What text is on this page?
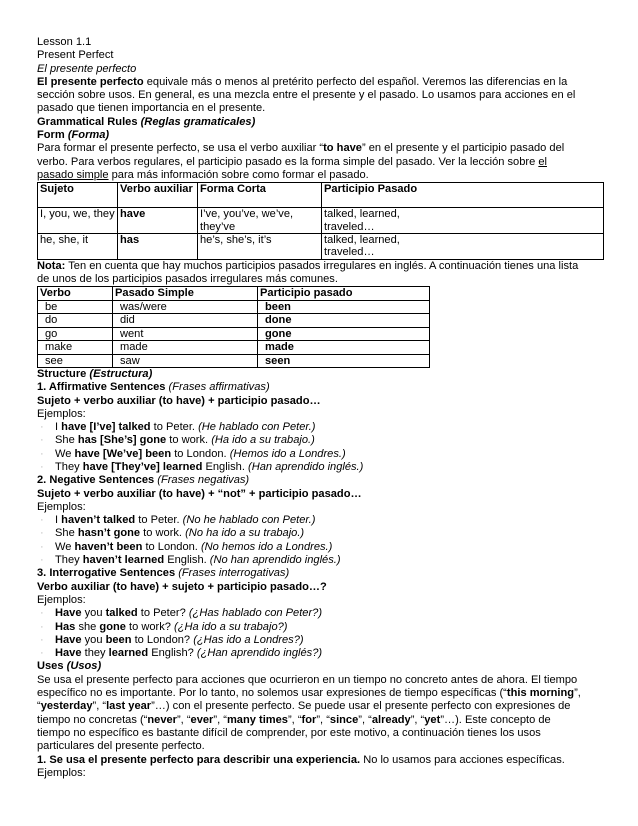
Lesson 1.1
Present Perfect
El presente perfecto
El presente perfecto equivale más o menos al pretérito perfecto del español. Veremos las diferencias en la
sección sobre usos. En general, es una mezcla entre el presente y el pasado. Lo usamos para acciones en el
pasado que tienen importancia en el presente.
Grammatical Rules (Reglas gramaticales)
Form (Forma)
Para formar el presente perfecto, se usa el verbo auxiliar “to have” en el presente y el participio pasado del
verbo. Para verbos regulares, el participio pasado es la forma simple del pasado. Ver la lección sobre el
pasado simple para más información sobre como formar el pasado.
Sujeto	Verbo auxiliar	Forma Corta	Participio Pasado
I, you, we, they	have	I’ve, you’ve, we’ve, they’ve	talked, learned, traveled…
he, she, it	has	he’s, she’s, it’s	talked, learned, traveled…
Nota: Ten en cuenta que hay muchos participios pasados irregulares en inglés. A continuación tienes una lista
de unos de los participios pasados irregulares más comunes.
Verbo	Pasado Simple	Participio pasado
be	was/were	been
do	did	done
go	went	gone
make	made	made
see	saw	seen
Structure (Estructura)
1. Affirmative Sentences (Frases affirmativas)
Sujeto + verbo auxiliar (to have) + participio pasado…
Ejemplos:
· I have [I’ve] talked to Peter. (He hablado con Peter.)
· She has [She’s] gone to work. (Ha ido a su trabajo.)
· We have [We’ve] been to London. (Hemos ido a Londres.)
· They have [They’ve] learned English. (Han aprendido inglés.)
2. Negative Sentences (Frases negativas)
Sujeto + verbo auxiliar (to have) + “not” + participio pasado…
Ejemplos:
· I haven’t talked to Peter. (No he hablado con Peter.)
· She hasn’t gone to work. (No ha ido a su trabajo.)
· We haven’t been to London. (No hemos ido a Londres.)
· They haven’t learned English. (No han aprendido inglés.)
3. Interrogative Sentences (Frases interrogativas)
Verbo auxiliar (to have) + sujeto + participio pasado…?
Ejemplos:
· Have you talked to Peter? (¿Has hablado con Peter?)
· Has she gone to work? (¿Ha ido a su trabajo?)
· Have you been to London? (¿Has ido a Londres?)
· Have they learned English? (¿Han aprendido inglés?)
Uses (Usos)
Se usa el presente perfecto para acciones que ocurrieron en un tiempo no concreto antes de ahora. El tiempo
específico no es importante. Por lo tanto, no solemos usar expresiones de tiempo específicas (“this morning”,
“yesterday”, “last year”…) con el presente perfecto. Se puede usar el presente perfecto con expresiones de
tiempo no concretas (“never”, “ever”, “many times”, “for”, “since”, “already”, “yet”…). Este concepto de
tiempo no específico es bastante difícil de comprender, por este motivo, a continuación tienes los usos
particulares del presente perfecto.
1. Se usa el presente perfecto para describir una experiencia. No lo usamos para acciones específicas.
Ejemplos:
